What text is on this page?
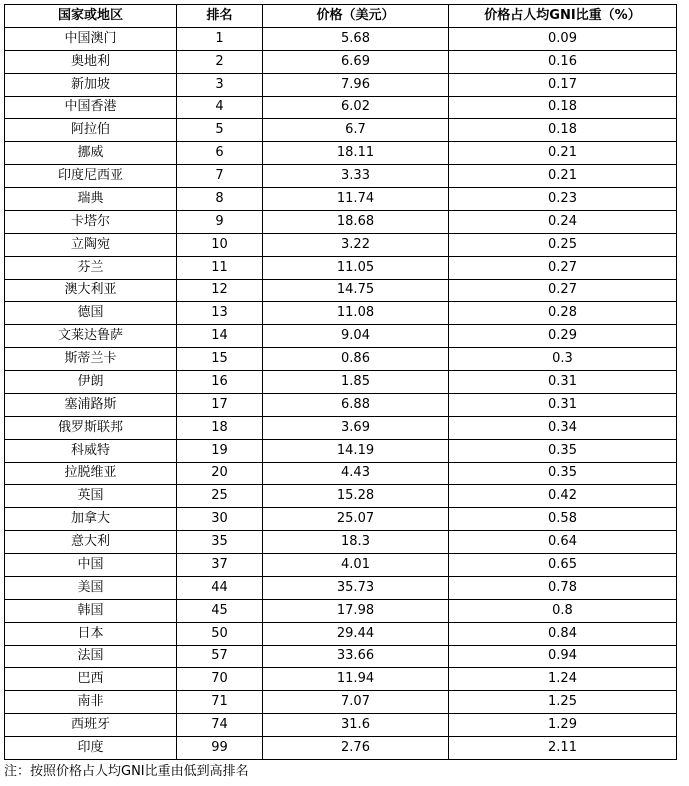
国家或地区	排名	价格（美元）	价格占人均GNI比重（%）
中国澳门	1	5.68	0.09
奥地利	2	6.69	0.16
新加坡	3	7.96	0.17
中国香港	4	6.02	0.18
阿拉伯	5	6.7	0.18
挪威	6	18.11	0.21
印度尼西亚	7	3.33	0.21
瑞典	8	11.74	0.23
卡塔尔	9	18.68	0.24
立陶宛	10	3.22	0.25
芬兰	11	11.05	0.27
澳大利亚	12	14.75	0.27
德国	13	11.08	0.28
文莱达鲁萨	14	9.04	0.29
斯蒂兰卡	15	0.86	0.3
伊朗	16	1.85	0.31
塞浦路斯	17	6.88	0.31
俄罗斯联邦	18	3.69	0.34
科威特	19	14.19	0.35
拉脱维亚	20	4.43	0.35
英国	25	15.28	0.42
加拿大	30	25.07	0.58
意大利	35	18.3	0.64
中国	37	4.01	0.65
美国	44	35.73	0.78
韩国	45	17.98	0.8
日本	50	29.44	0.84
法国	57	33.66	0.94
巴西	70	11.94	1.24
南非	71	7.07	1.25
西班牙	74	31.6	1.29
印度	99	2.76	2.11
注：按照价格占人均GNI比重由低到高排名
